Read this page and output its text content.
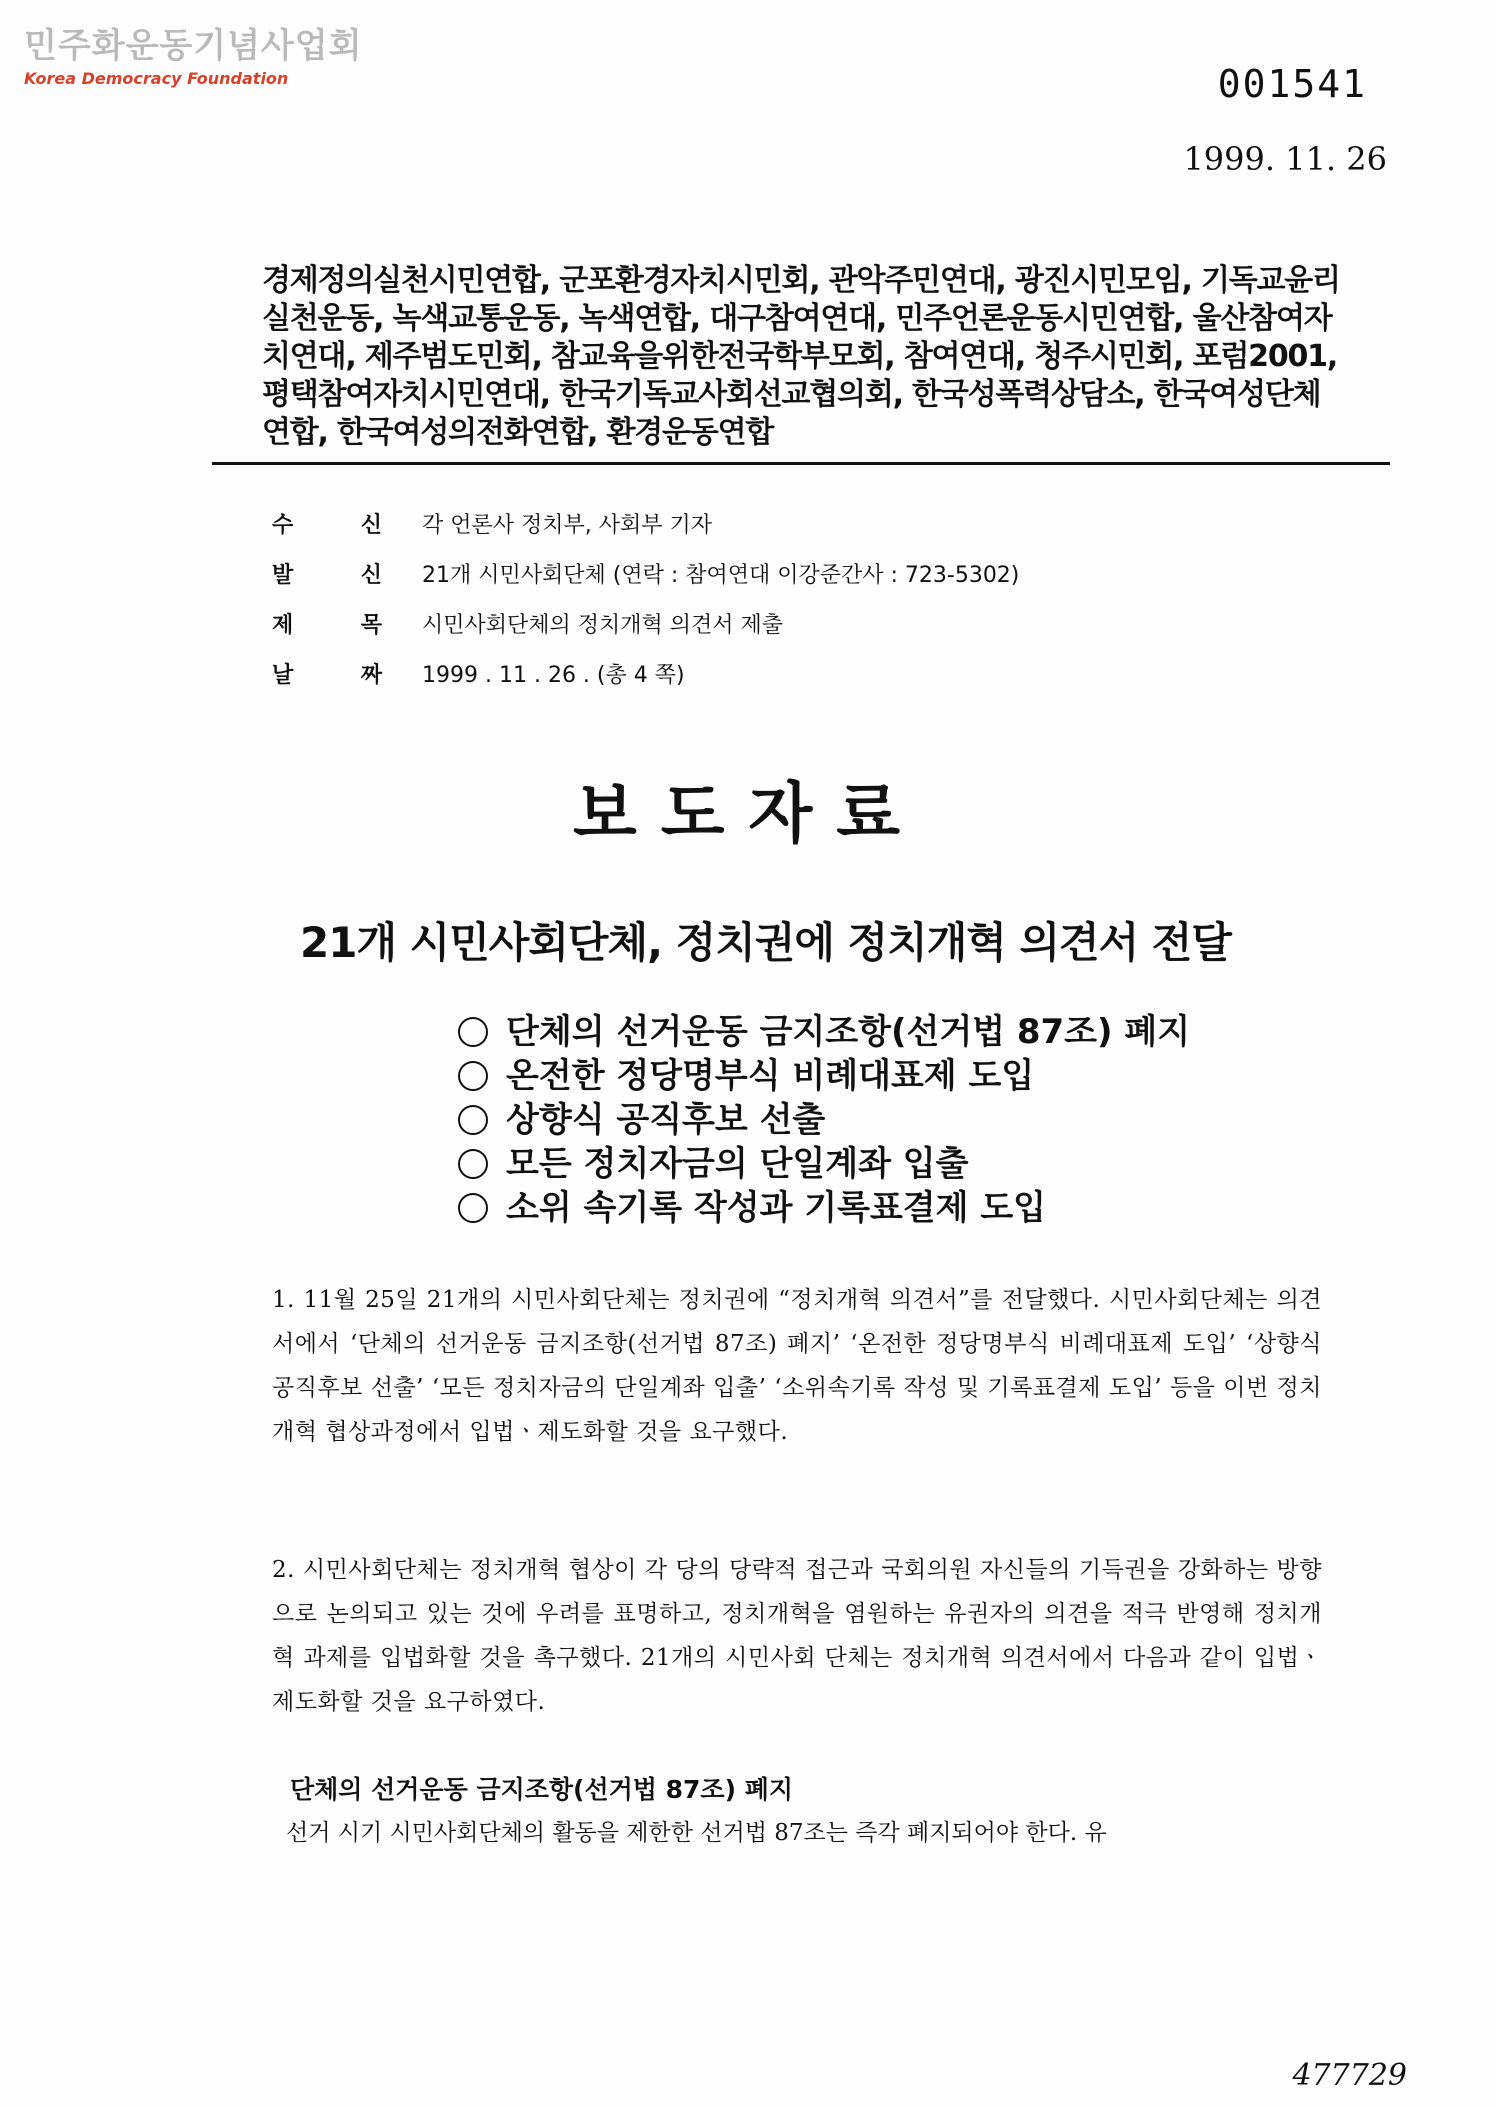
민주화운동기념사업회
Korea Democracy Foundation	001541
1999. 11. 26
경제정의실천시민연합, 군포환경자치시민회, 관악주민연대, 광진시민모임, 기독교윤리실천운동, 녹색교통운동, 녹색연합, 대구참여연대, 민주언론운동시민연합, 울산참여자치연대, 제주범도민회, 참교육을위한전국학부모회, 참여연대, 청주시민회, 포럼2001, 평택참여자치시민연대, 한국기독교사회선교협의회, 한국성폭력상담소, 한국여성단체연합, 한국여성의전화연합, 환경운동연합
수	신 각 언론사 정치부, 사회부 기자
발	신 21개 시민사회단체 (연락 : 참여연대 이강준간사 : 723-5302)
제	목 시민사회단체의 정치개혁 의견서 제출
날	짜 1999 . 11 . 26 . (총 4 쪽)
보도자료
21개 시민사회단체, 정치권에 정치개혁 의견서 전달
단체의 선거운동 금지조항(선거법 87조) 폐지
온전한 정당명부식 비례대표제 도입
상향식 공직후보 선출
모든 정치자금의 단일계좌 입출
소위 속기록 작성과 기록표결제 도입
1. 11월 25일 21개의 시민사회단체는 정치권에 “정치개혁 의견서”를 전달했다. 시민사회단체는 의견서에서 ‘단체의 선거운동 금지조항(선거법 87조) 폐지’ ‘온전한 정당명부식 비례대표제 도입’ ‘상향식 공직후보 선출’ ‘모든 정치자금의 단일계좌 입출’ ‘소위속기록 작성 및 기록표결제 도입’ 등을 이번 정치개혁 협상과정에서 입법ㆍ제도화할 것을 요구했다.
2. 시민사회단체는 정치개혁 협상이 각 당의 당략적 접근과 국회의원 자신들의 기득권을 강화하는 방향으로 논의되고 있는 것에 우려를 표명하고, 정치개혁을 염원하는 유권자의 의견을 적극 반영해 정치개혁 과제를 입법화할 것을 촉구했다. 21개의 시민사회 단체는 정치개혁 의견서에서 다음과 같이 입법ㆍ제도화할 것을 요구하였다.
단체의 선거운동 금지조항(선거법 87조) 폐지
선거 시기 시민사회단체의 활동을 제한한 선거법 87조는 즉각 폐지되어야 한다. 유
477729
